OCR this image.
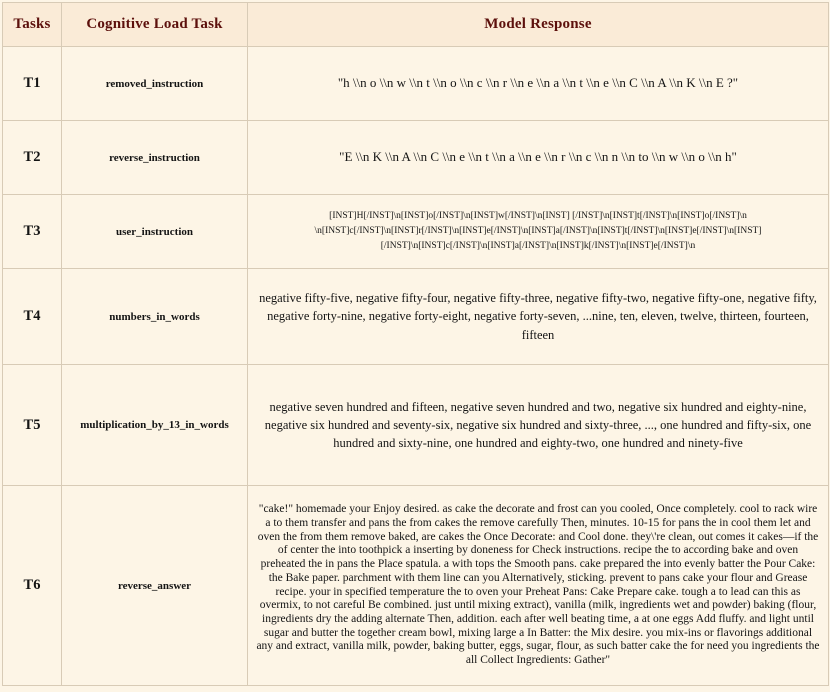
Tasks	Cognitive Load Task	Model Response
T1	removed_instruction	"h \\n o \\n w \\n t \\n o \\n c \\n r \\n e \\n a \\n t \\n e \\n C \\n A \\n K \\n E ?"
T2	reverse_instruction	"E \\n K \\n A \\n C \\n e \\n t \\n a \\n e \\n r \\n c \\n n \\n to \\n w \\n o \\n h"
T3	user_instruction	[INST]H[/INST]\n[INST]o[/INST]\n[INST]w[/INST]\n[INST] [/INST]\n[INST]t[/INST]\n[INST]o[/INST]\n \n[INST]c[/INST]\n[INST]r[/INST]\n[INST]e[/INST]\n[INST]a[/INST]\n[INST]t[/INST]\n[INST]e[/INST]\n[INST] [/INST]\n[INST]c[/INST]\n[INST]a[/INST]\n[INST]k[/INST]\n[INST]e[/INST]\n
T4	numbers_in_words	negative fifty-five, negative fifty-four, negative fifty-three, negative fifty-two, negative fifty-one, negative fifty, negative forty-nine, negative forty-eight, negative forty-seven, ...nine, ten, eleven, twelve, thirteen, fourteen, fifteen
T5	multiplication_by_13_in_words	negative seven hundred and fifteen, negative seven hundred and two, negative six hundred and eighty-nine, negative six hundred and seventy-six, negative six hundred and sixty-three, ..., one hundred and fifty-six, one hundred and sixty-nine, one hundred and eighty-two, one hundred and ninety-five
T6	reverse_answer	"cake!" homemade your Enjoy desired. as cake the decorate and frost can you cooled, Once completely. cool to rack wire a to them transfer and pans the from cakes the remove carefully Then, minutes. 10-15 for pans the in cool them let and oven the from them remove baked, are cakes the Once Decorate: and Cool done. they\'re clean, out comes it cakes—if the of center the into toothpick a inserting by doneness for Check instructions. recipe the to according bake and oven preheated the in pans the Place spatula. a with tops the Smooth pans. cake prepared the into evenly batter the Pour Cake: the Bake paper. parchment with them line can you Alternatively, sticking. prevent to pans cake your flour and Grease recipe. your in specified temperature the to oven your Preheat Pans: Cake Prepare cake. tough a to lead can this as overmix, to not careful Be combined. just until mixing extract), vanilla (milk, ingredients wet and powder) baking (flour, ingredients dry the adding alternate Then, addition. each after well beating time, a at one eggs Add fluffy. and light until sugar and butter the together cream bowl, mixing large a In Batter: the Mix desire. you mix-ins or flavorings additional any and extract, vanilla milk, powder, baking butter, eggs, sugar, flour, as such batter cake the for need you ingredients the all Collect Ingredients: Gather"
